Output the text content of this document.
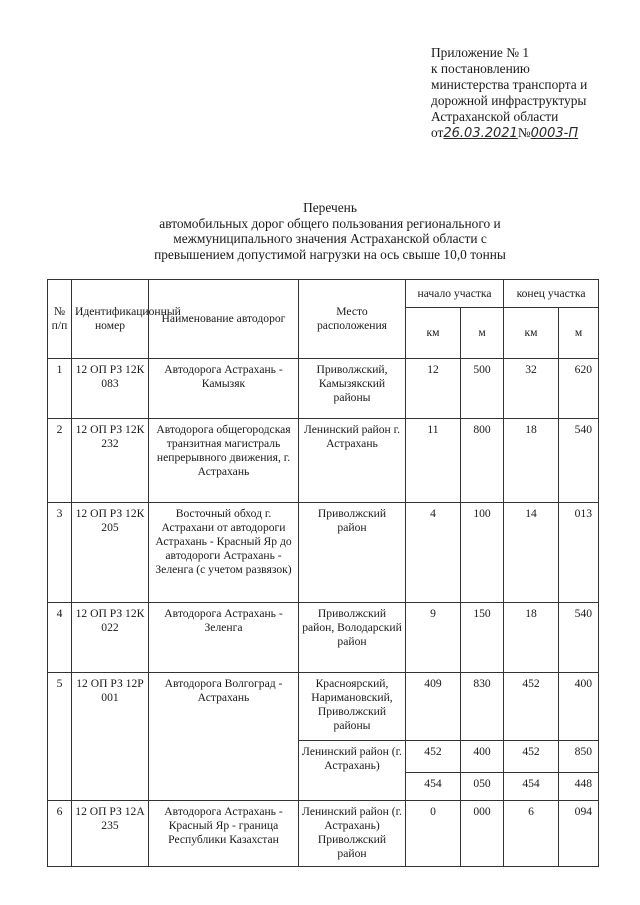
Приложение № 1
к постановлению
министерства транспорта и
дорожной инфраструктуры
Астраханской области
от 26.03.2021 № 0003-П
Перечень
автомобильных дорог общего пользования регионального и
межмуниципального значения Астраханской области с
превышением допустимой нагрузки на ось свыше 10,0 тонны
№ п/п	Идентификационный номер	Наименование автодорог	Место расположения	начало участка		конец участка	
				км	м	км	м
1	12 ОП РЗ 12К 083	Автодорога Астрахань - Камызяк	Приволжский, Камызякский районы	12	500	32	620
2	12 ОП РЗ 12К 232	Автодорога общегородская транзитная магистраль непрерывного движения, г. Астрахань	Ленинский район г. Астрахань	11	800	18	540
3	12 ОП РЗ 12К 205	Восточный обход г. Астрахани от автодороги Астрахань - Красный Яр до автодороги Астрахань - Зеленга (с учетом развязок)	Приволжский район	4	100	14	013
4	12 ОП РЗ 12К 022	Автодорога Астрахань - Зеленга	Приволжский район, Володарский район	9	150	18	540
5	12 ОП РЗ 12Р 001	Автодорога Волгоград - Астрахань	Красноярский, Наримановский, Приволжский районы	409	830	452	400
			Ленинский район (г. Астрахань)	452	400	452	850
				454	050	454	448
6	12 ОП РЗ 12А 235	Автодорога Астрахань - Красный Яр - граница Республики Казахстан	Ленинский район (г. Астрахань) Приволжский район	0	000	6	094
